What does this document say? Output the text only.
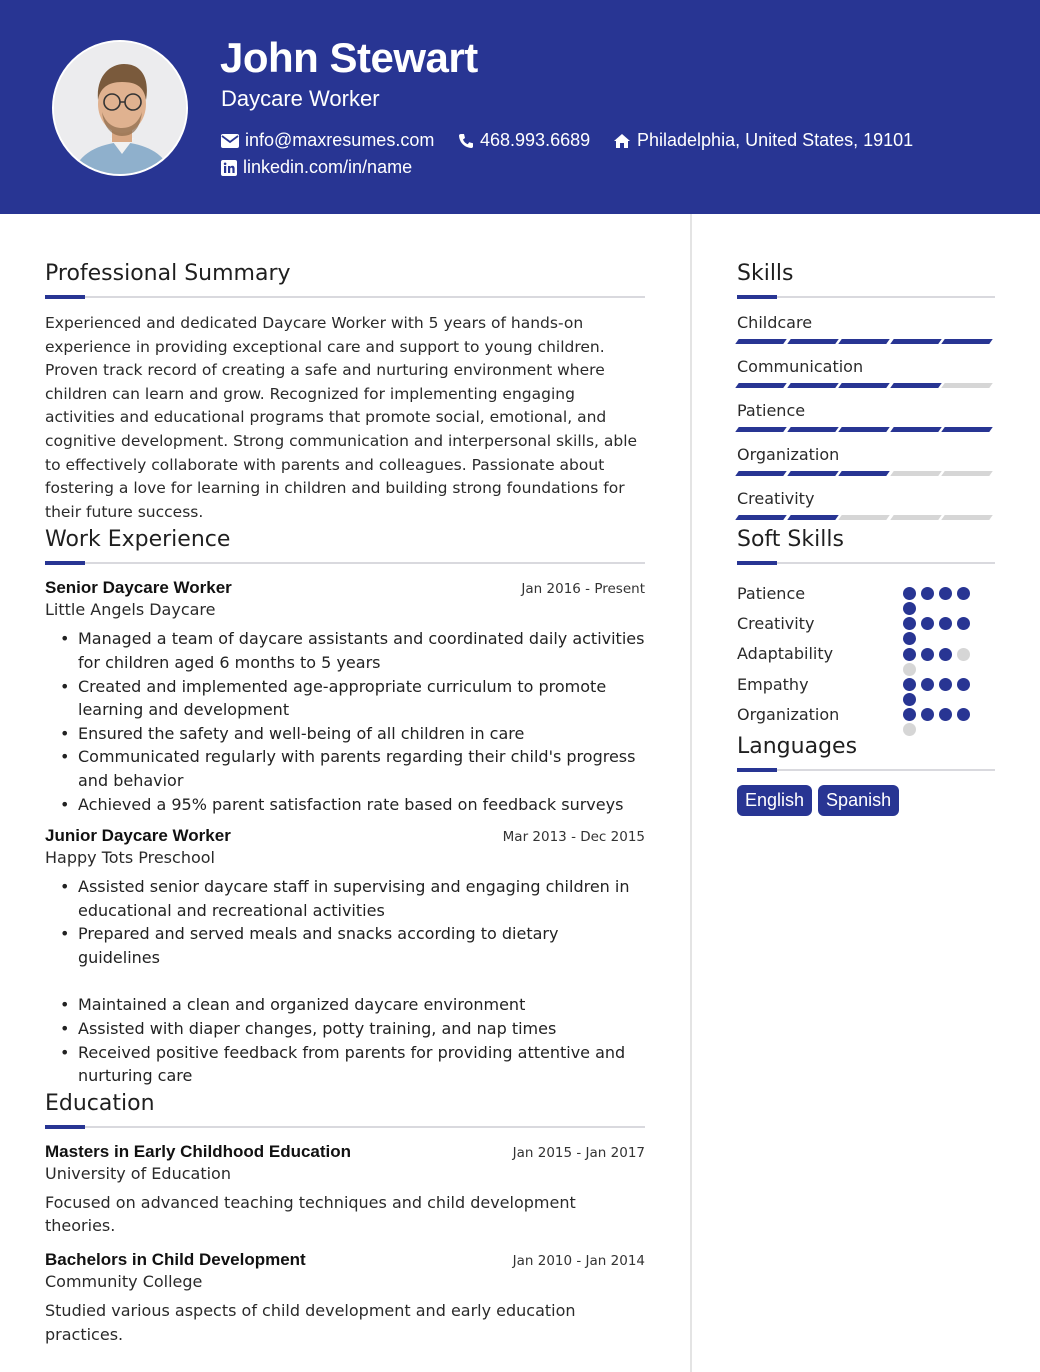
John Stewart
Daycare Worker
info@maxresumes.com	468.993.6689	Philadelphia, United States, 19101
linkedin.com/in/name
Professional Summary

Experienced and dedicated Daycare Worker with 5 years of hands-on experience in providing exceptional care and support to young children. Proven track record of creating a safe and nurturing environment where children can learn and grow. Recognized for implementing engaging activities and educational programs that promote social, emotional, and cognitive development. Strong communication and interpersonal skills, able to effectively collaborate with parents and colleagues. Passionate about fostering a love for learning in children and building strong foundations for their future success.

Work Experience
Senior Daycare Worker	Jan 2016 - Present
Little Angels Daycare
• Managed a team of daycare assistants and coordinated daily activities for children aged 6 months to 5 years
• Created and implemented age-appropriate curriculum to promote learning and development
• Ensured the safety and well-being of all children in care
• Communicated regularly with parents regarding their child's progress and behavior
• Achieved a 95% parent satisfaction rate based on feedback surveys
Junior Daycare Worker	Mar 2013 - Dec 2015
Happy Tots Preschool
• Assisted senior daycare staff in supervising and engaging children in educational and recreational activities
• Prepared and served meals and snacks according to dietary guidelines
• Maintained a clean and organized daycare environment
• Assisted with diaper changes, potty training, and nap times
• Received positive feedback from parents for providing attentive and nurturing care
Education
Masters in Early Childhood Education	Jan 2015 - Jan 2017
University of Education

Focused on advanced teaching techniques and child development theories.

Bachelors in Child Development	Jan 2010 - Jan 2014
Community College

Studied various aspects of child development and early education practices.

Skills
Childcare
Communication
Patience
Organization
Creativity
Soft Skills
Patience
Creativity
Adaptability
Empathy
Organization
Languages
English	Spanish
